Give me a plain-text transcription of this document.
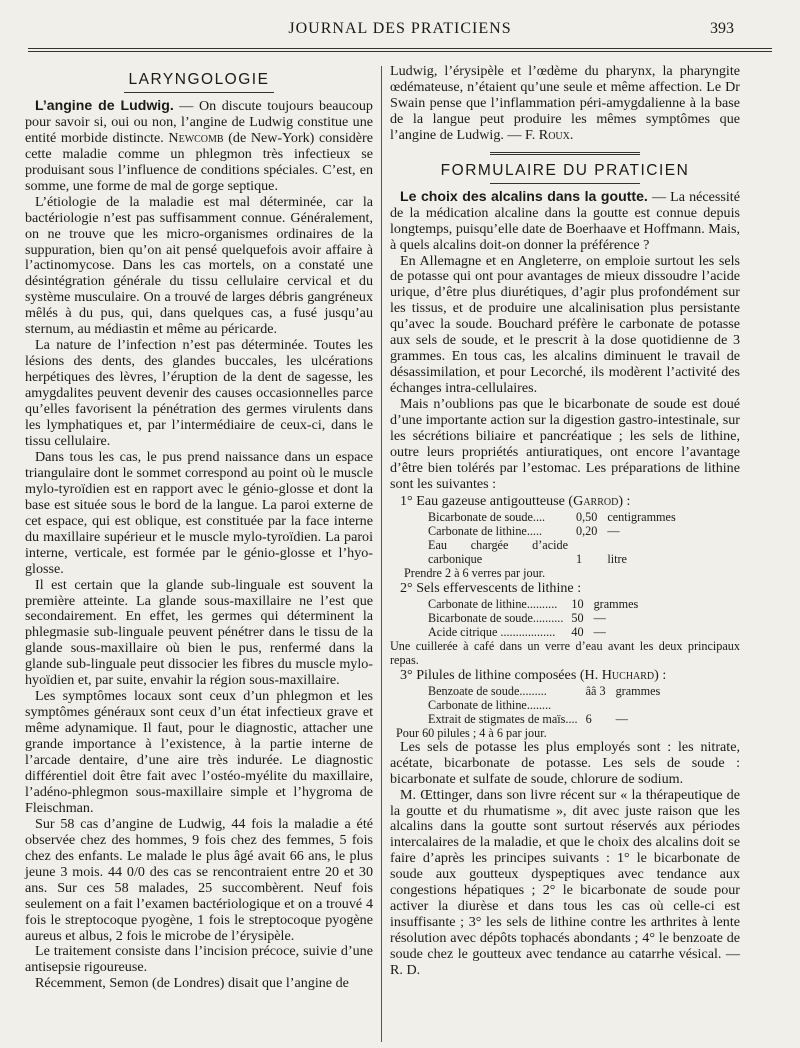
JOURNAL DES PRATICIENS	393
LARYNGOLOGIE

L’angine de Ludwig. — On discute toujours beaucoup pour savoir si, oui ou non, l’angine de Ludwig constitue une entité morbide distincte. Newcomb (de New-York) considère cette maladie comme un phlegmon très infectieux se produisant sous l’influence de conditions spéciales. C’est, en somme, une forme de mal de gorge septique.

L’étiologie de la maladie est mal déterminée, car la bactériologie n’est pas suffisamment connue. Généralement, on ne trouve que les micro-organismes ordinaires de la suppuration, bien qu’on ait pensé quelquefois avoir affaire à l’actinomycose. Dans les cas mortels, on a constaté une désintégration générale du tissu cellulaire cervical et du système musculaire. On a trouvé de larges débris gangréneux mêlés à du pus, qui, dans quelques cas, a fusé jusqu’au sternum, au médiastin et même au péricarde.

La nature de l’infection n’est pas déterminée. Toutes les lésions des dents, des glandes buccales, les ulcérations herpétiques des lèvres, l’éruption de la dent de sagesse, les amygdalites peuvent devenir des causes occasionnelles parce qu’elles favorisent la pénétration des germes virulents dans les lymphatiques et, par l’intermédiaire de ceux-ci, dans le tissu cellulaire.

Dans tous les cas, le pus prend naissance dans un espace triangulaire dont le sommet correspond au point où le muscle mylo-tyroïdien est en rapport avec le génio-glosse et dont la base est située sous le bord de la langue. La paroi externe de cet espace, qui est oblique, est constituée par la face interne du maxillaire supérieur et le muscle mylo-tyroïdien. La paroi interne, verticale, est formée par le génio-glosse et l’hyo-glosse.

Il est certain que la glande sub-linguale est souvent la première atteinte. La glande sous-maxillaire ne l’est que secondairement. En effet, les germes qui déterminent la phlegmasie sub-linguale peuvent pénétrer dans le tissu de la glande sous-maxillaire où bien le pus, renfermé dans la glande sub-linguale peut dissocier les fibres du muscle mylo-hyoïdien et, par suite, envahir la région sous-maxillaire.

Les symptômes locaux sont ceux d’un phlegmon et les symptômes généraux sont ceux d’un état infectieux grave et même adynamique. Il faut, pour le diagnostic, attacher une grande importance à l’existence, à la partie interne de l’arcade dentaire, d’une aire très indurée. Le diagnostic différentiel doit être fait avec l’ostéo-myélite du maxillaire, l’adéno-phlegmon sous-maxillaire simple et l’hygroma de Fleischman.

Sur 58 cas d’angine de Ludwig, 44 fois la maladie a été observée chez des hommes, 9 fois chez des femmes, 5 fois chez des enfants. Le malade le plus âgé avait 66 ans, le plus jeune 3 mois. 44 0/0 des cas se rencontraient entre 20 et 30 ans. Sur ces 58 malades, 25 succombèrent. Neuf fois seulement on a fait l’examen bactériologique et on a trouvé 4 fois le streptocoque pyogène, 1 fois le streptocoque pyogène aureus et albus, 2 fois le microbe de l’érysipèle.

Le traitement consiste dans l’incision précoce, suivie d’une antisepsie rigoureuse.

Récemment, Semon (de Londres) disait que l’angine de

Ludwig, l’érysipèle et l’œdème du pharynx, la pharyngite œdémateuse, n’étaient qu’une seule et même affection. Le Dr Swain pense que l’inflammation péri-amygdalienne à la base de la langue peut produire les mêmes symptômes que l’angine de Ludwig. — F. Roux.

FORMULAIRE DU PRATICIEN

Le choix des alcalins dans la goutte. — La nécessité de la médication alcaline dans la goutte est connue depuis longtemps, puisqu’elle date de Boerhaave et Hoffmann. Mais, à quels alcalins doit-on donner la préférence ?

En Allemagne et en Angleterre, on emploie surtout les sels de potasse qui ont pour avantages de mieux dissoudre l’acide urique, d’être plus diurétiques, d’agir plus profondément sur les tissus, et de produire une alcalinisation plus persistante qu’avec la soude. Bouchard préfère le carbonate de potasse aux sels de soude, et le prescrit à la dose quotidienne de 3 grammes. En tous cas, les alcalins diminuent le travail de désassimilation, et pour Lecorché, ils modèrent l’activité des échanges intra-cellulaires.

Mais n’oublions pas que le bicarbonate de soude est doué d’une importante action sur la digestion gastro-intestinale, sur les sécrétions biliaire et pancréatique ; les sels de lithine, outre leurs propriétés antiuratiques, ont encore l’avantage d’être bien tolérés par l’estomac. Les préparations de lithine sont les suivantes :

1° Eau gazeuse antigoutteuse (Garrod) :

Bicarbonate de soude....	0,50	centigrammes
Carbonate de lithine.....	0,20	—
Eau chargée d’acide carbonique	1	litre

Prendre 2 à 6 verres par jour.

2° Sels effervescents de lithine :

Carbonate de lithine..........	10	grammes
Bicarbonate de soude..........	50	—
Acide citrique ..................	40	—

Une cuillerée à café dans un verre d’eau avant les deux principaux repas.

3° Pilules de lithine composées (H. Huchard) :

Benzoate de soude.........	ââ 3	grammes
Carbonate de lithine........		
Extrait de stigmates de maïs....	6	—

Pour 60 pilules ; 4 à 6 par jour.

Les sels de potasse les plus employés sont : les nitrate, acétate, bicarbonate de potasse. Les sels de soude : bicarbonate et sulfate de soude, chlorure de sodium.

M. Œttinger, dans son livre récent sur « la thérapeutique de la goutte et du rhumatisme », dit avec juste raison que les alcalins dans la goutte sont surtout réservés aux périodes intercalaires de la maladie, et que le choix des alcalins doit se faire d’après les principes suivants : 1° le bicarbonate de soude aux goutteux dyspeptiques avec tendance aux congestions hépatiques ; 2° le bicarbonate de soude pour activer la diurèse et dans tous les cas où celle-ci est insuffisante ; 3° les sels de lithine contre les arthrites à lente résolution avec dépôts tophacés abondants ; 4° le benzoate de soude chez le goutteux avec tendance au catarrhe vésical. — R. D.
